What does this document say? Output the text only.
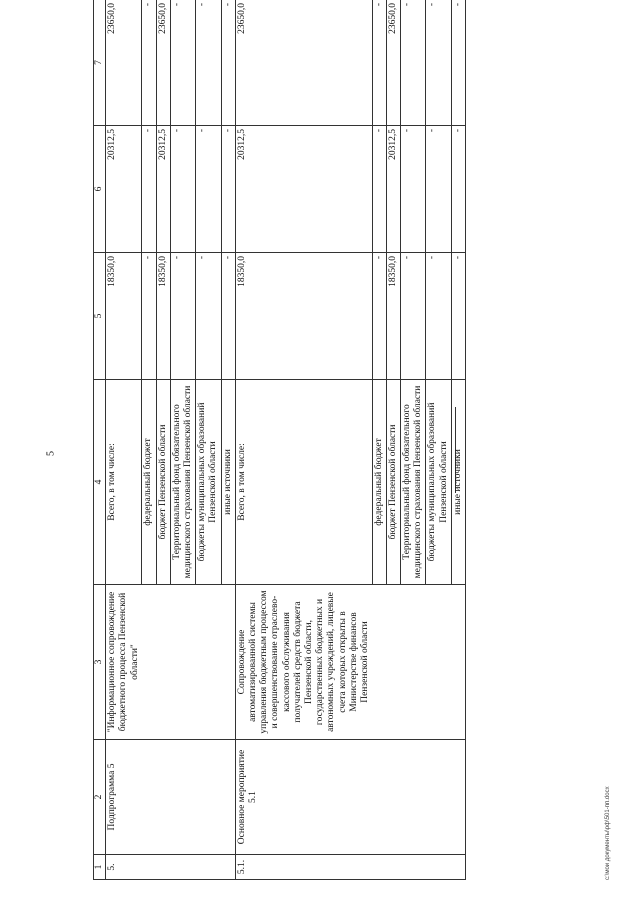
5
c:\мои документы\рф\501-пп.docx
1	2	3	4	5	6	7
5.	Подпрограмма 5	"Информационное сопровождение бюджетного процесса Пензенской области"	Всего, в том числе:	18350,0	20312,5	23650,0
			федеральный бюджет	-	-	-
			бюджет Пензенской области	18350,0	20312,5	23650,0
			Территориальный фонд обязательного медицинского страхования Пензенской области	-	-	-
			бюджеты муниципальных образований Пензенской области	-	-	-
			иные источники	-	-	-
5.1.	Основное мероприятие 5.1	Сопровождение автоматизированной системы управления бюджетным процессом и совершенствование отраслево-кассового обслуживания получателей средств бюджета Пензенской области, государственных бюджетных и автономных учреждений, лицевые счета которых открыты в Министерстве финансов Пензенской области	Всего, в том числе:	18350,0	20312,5	23650,0
			федеральный бюджет	-	-	-
			бюджет Пензенской области	18350,0	20312,5	23650,0
			Территориальный фонд обязательного медицинского страхования Пензенской области	-	-	-
			бюджеты муниципальных образований Пензенской области	-	-	-
			иные источники	-	-	-
